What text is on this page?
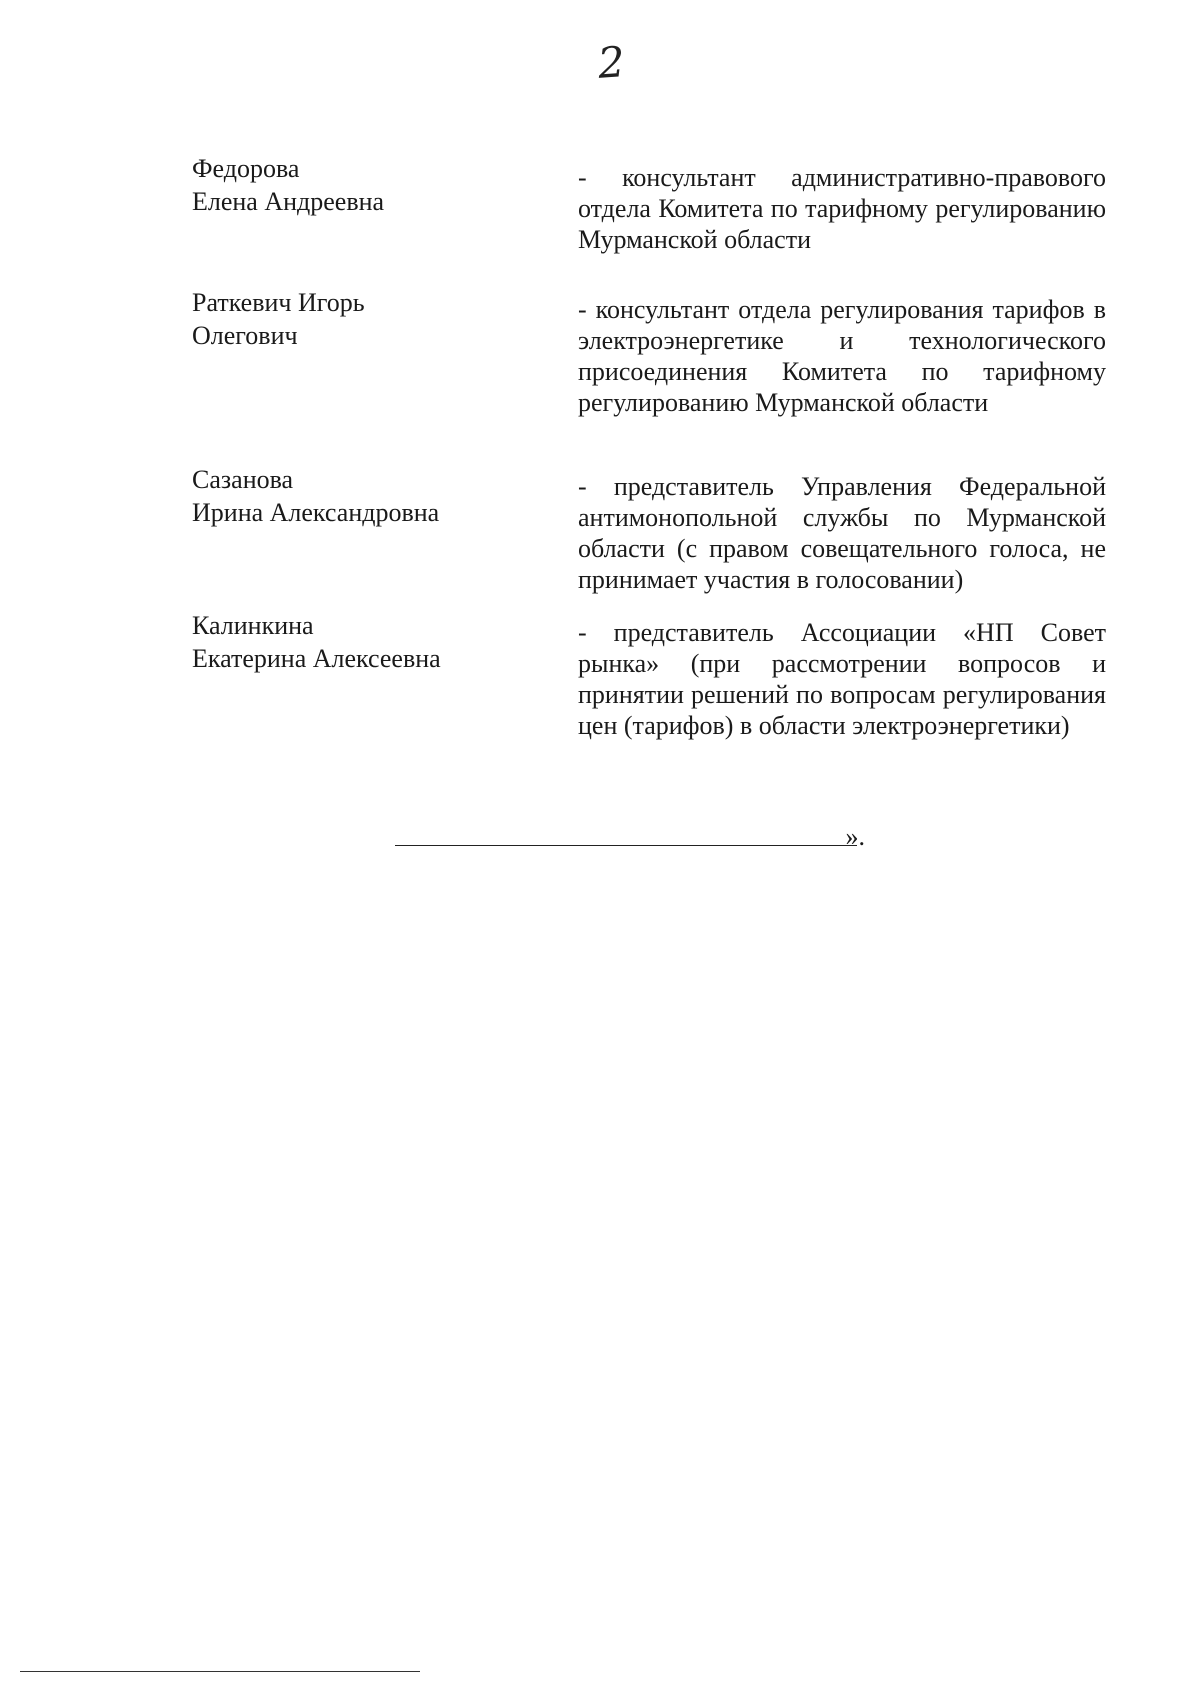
2
Федорова
Елена Андреевна
- консультант административно-правового отдела Комитета по тарифному регулированию Мурманской области
Раткевич Игорь
Олегович
- консультант отдела регулирования тарифов в электроэнергетике и технологического присоединения Комитета по тарифному регулированию Мурманской области
Сазанова
Ирина Александровна
- представитель Управления Федеральной антимонопольной службы по Мурманской области (с правом совещательного голоса, не принимает участия в голосовании)
Калинкина
Екатерина Алексеевна
- представитель Ассоциации «НП Совет рынка» (при рассмотрении вопросов и принятии решений по вопросам регулирования цен (тарифов) в области электроэнергетики)
».
